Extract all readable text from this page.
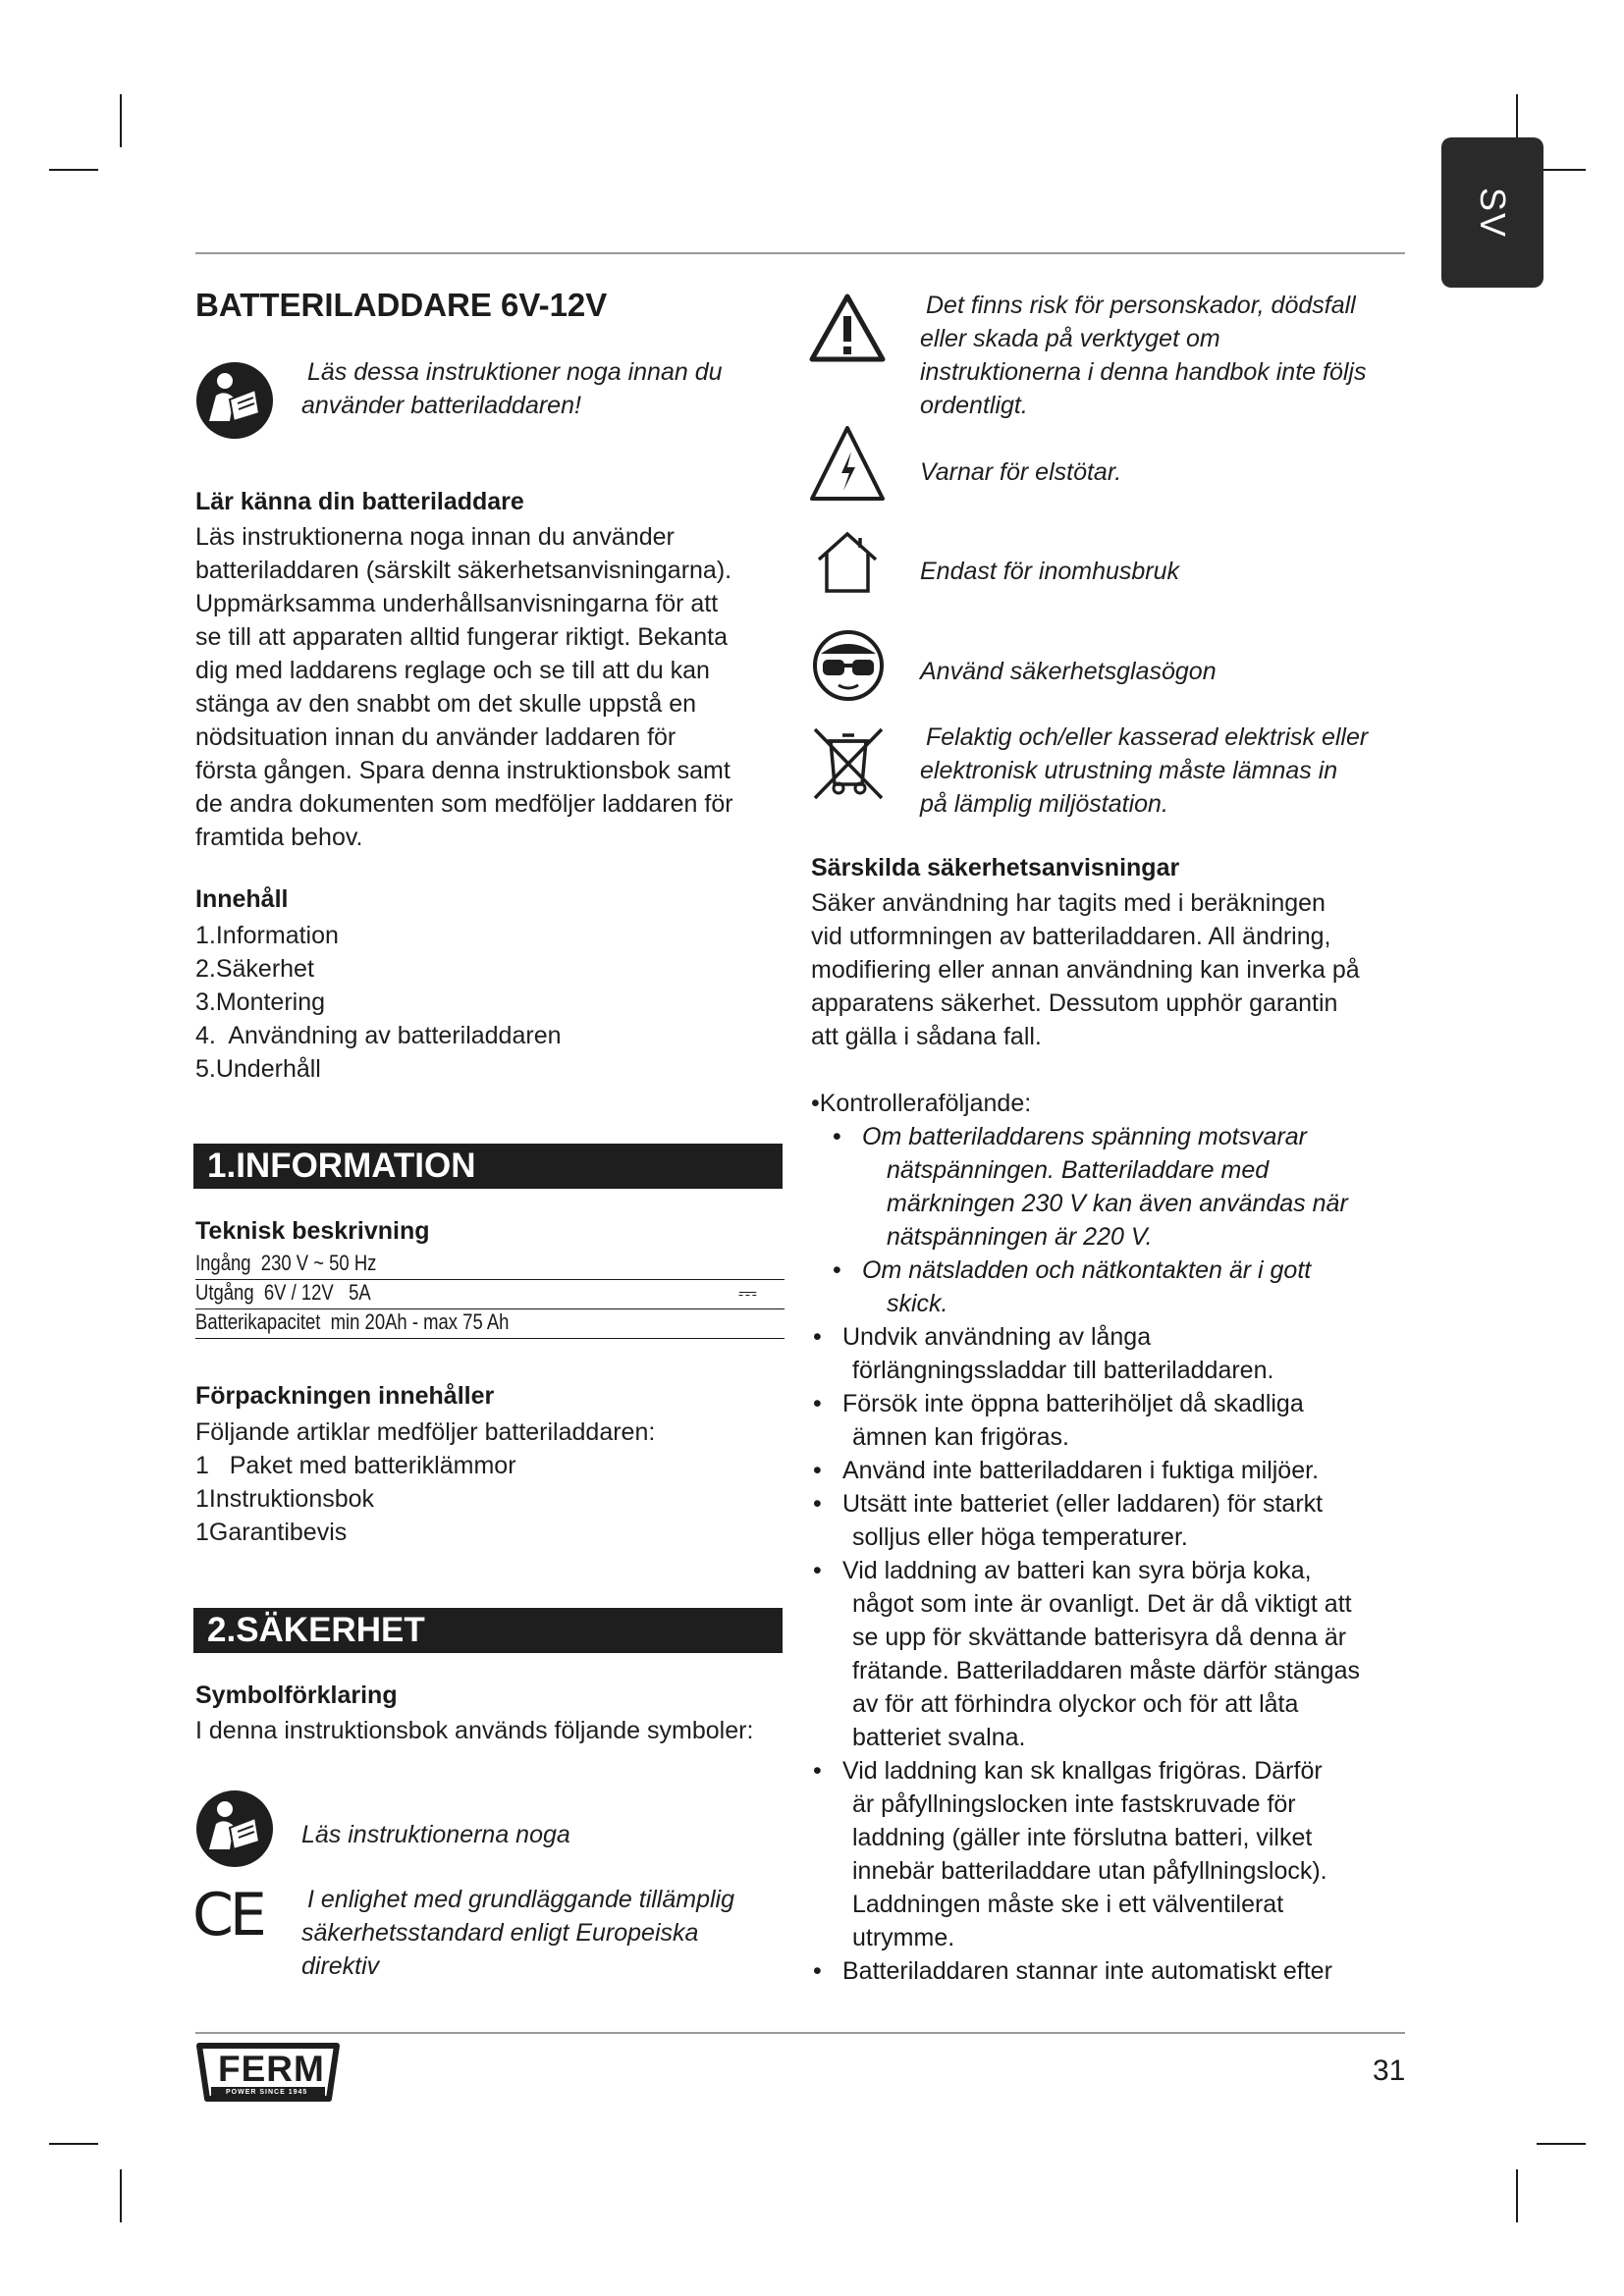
SV
BATTERILADDARE 6V-12V
Läs dessa instruktioner noga innan du
använder batteriladdaren!
Lär känna din batteriladdare
Läs instruktionerna noga innan du använder
batteriladdaren (särskilt säkerhetsanvisningarna).
Uppmärksamma underhållsanvisningarna för att
se till att apparaten alltid fungerar riktigt. Bekanta
dig med laddarens reglage och se till att du kan
stänga av den snabbt om det skulle uppstå en
nödsituation innan du använder laddaren för
första gången. Spara denna instruktionsbok samt
de andra dokumenten som medföljer laddaren för
framtida behov.
Innehåll
1.Information
2.Säkerhet
3.Montering
4.  Användning av batteriladdaren
5.Underhåll
1.INFORMATION
Teknisk beskrivning
Ingång  230 V ~ 50 Hz
Utgång  6V / 12V   5A	⎓
Batterikapacitet  min 20Ah - max 75 Ah
Förpackningen innehåller
Följande artiklar medföljer batteriladdaren:
1   Paket med batteriklämmor
1Instruktionsbok
1Garantibevis
2.SÄKERHET
Symbolförklaring
I denna instruktionsbok används följande symboler:
Läs instruktionerna noga
CE I enlighet med grundläggande tillämplig
säkerhetsstandard enligt Europeiska
direktiv
Det finns risk för personskador, dödsfall
eller skada på verktyget om
instruktionerna i denna handbok inte följs
ordentligt.
Varnar för elstötar.
Endast för inomhusbruk
Använd säkerhetsglasögon
Felaktig och/eller kasserad elektrisk eller
elektronisk utrustning måste lämnas in
på lämplig miljöstation.
Särskilda säkerhetsanvisningar
Säker användning har tagits med i beräkningen
vid utformningen av batteriladdaren. All ändring,
modifiering eller annan användning kan inverka på
apparatens säkerhet. Dessutom upphör garantin
att gälla i sådana fall.
•Kontrolleraföljande:
• Om batteriladdarens spänning motsvarar
nätspänningen. Batteriladdare med
märkningen 230 V kan även användas när
nätspänningen är 220 V.
• Om nätsladden och nätkontakten är i gott
skick.
• Undvik användning av långa
förlängningssladdar till batteriladdaren.
• Försök inte öppna batterihöljet då skadliga
ämnen kan frigöras.
• Använd inte batteriladdaren i fuktiga miljöer.
• Utsätt inte batteriet (eller laddaren) för starkt
solljus eller höga temperaturer.
• Vid laddning av batteri kan syra börja koka,
något som inte är ovanligt. Det är då viktigt att
se upp för skvättande batterisyra då denna är
frätande. Batteriladdaren måste därför stängas
av för att förhindra olyckor och för att låta
batteriet svalna.
• Vid laddning kan sk knallgas frigöras. Därför
är påfyllningslocken inte fastskruvade för
laddning (gäller inte förslutna batteri, vilket
innebär batteriladdare utan påfyllningslock).
Laddningen måste ske i ett välventilerat
utrymme.
• Batteriladdaren stannar inte automatiskt efter
FERM
POWER SINCE 1945
31
